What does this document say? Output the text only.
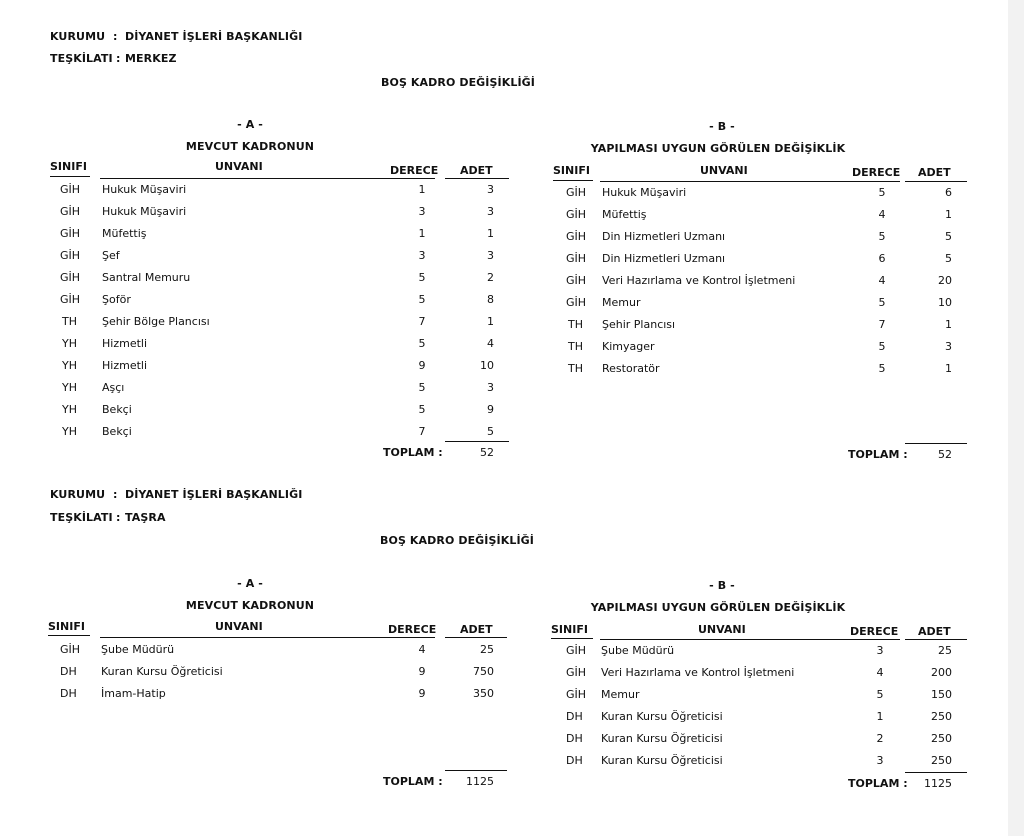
KURUMU : DİYANET İŞLERİ BAŞKANLIĞI
TEŞKİLATI : MERKEZ
BOŞ KADRO DEĞİŞİKLİĞİ
- A -
MEVCUT KADRONUN
SINIFI	UNVANI	DERECE ADET
GİH Hukuk Müşaviri	1	3
GİH Hukuk Müşaviri	3	3
GİH Müfettiş	1	1
GİH Şef	3	3
GİH Santral Memuru	5	2
GİH Şoför	5	8
TH Şehir Bölge Plancısı	7	1
YH Hizmetli	5	4
YH Hizmetli	9	10
YH Aşçı	5	3
YH Bekçi	5	9
YH Bekçi	7	5
TOPLAM :	52
- B -
YAPILMASI UYGUN GÖRÜLEN DEĞİŞİKLİK
SINIFI	UNVANI	DERECE ADET
GİH Hukuk Müşaviri	5	6
GİH Müfettiş	4	1
GİH Din Hizmetleri Uzmanı	5	5
GİH Din Hizmetleri Uzmanı	6	5
GİH Veri Hazırlama ve Kontrol İşletmeni	4	20
GİH Memur	5	10
TH Şehir Plancısı	7	1
TH Kimyager	5	3
TH Restoratör	5	1
TOPLAM :	52
KURUMU : DİYANET İŞLERİ BAŞKANLIĞI
TEŞKİLATI : TAŞRA
BOŞ KADRO DEĞİŞİKLİĞİ
- A -
MEVCUT KADRONUN
SINIFI	UNVANI	DERECE ADET
GİH Şube Müdürü	4	25
DH Kuran Kursu Öğreticisi	9	750
DH İmam-Hatip	9	350
TOPLAM :	1125
- B -
YAPILMASI UYGUN GÖRÜLEN DEĞİŞİKLİK
SINIFI	UNVANI	DERECE ADET
GİH Şube Müdürü	3	25
GİH Veri Hazırlama ve Kontrol İşletmeni	4	200
GİH Memur	5	150
DH Kuran Kursu Öğreticisi	1	250
DH Kuran Kursu Öğreticisi	2	250
DH Kuran Kursu Öğreticisi	3	250
TOPLAM :	1125
